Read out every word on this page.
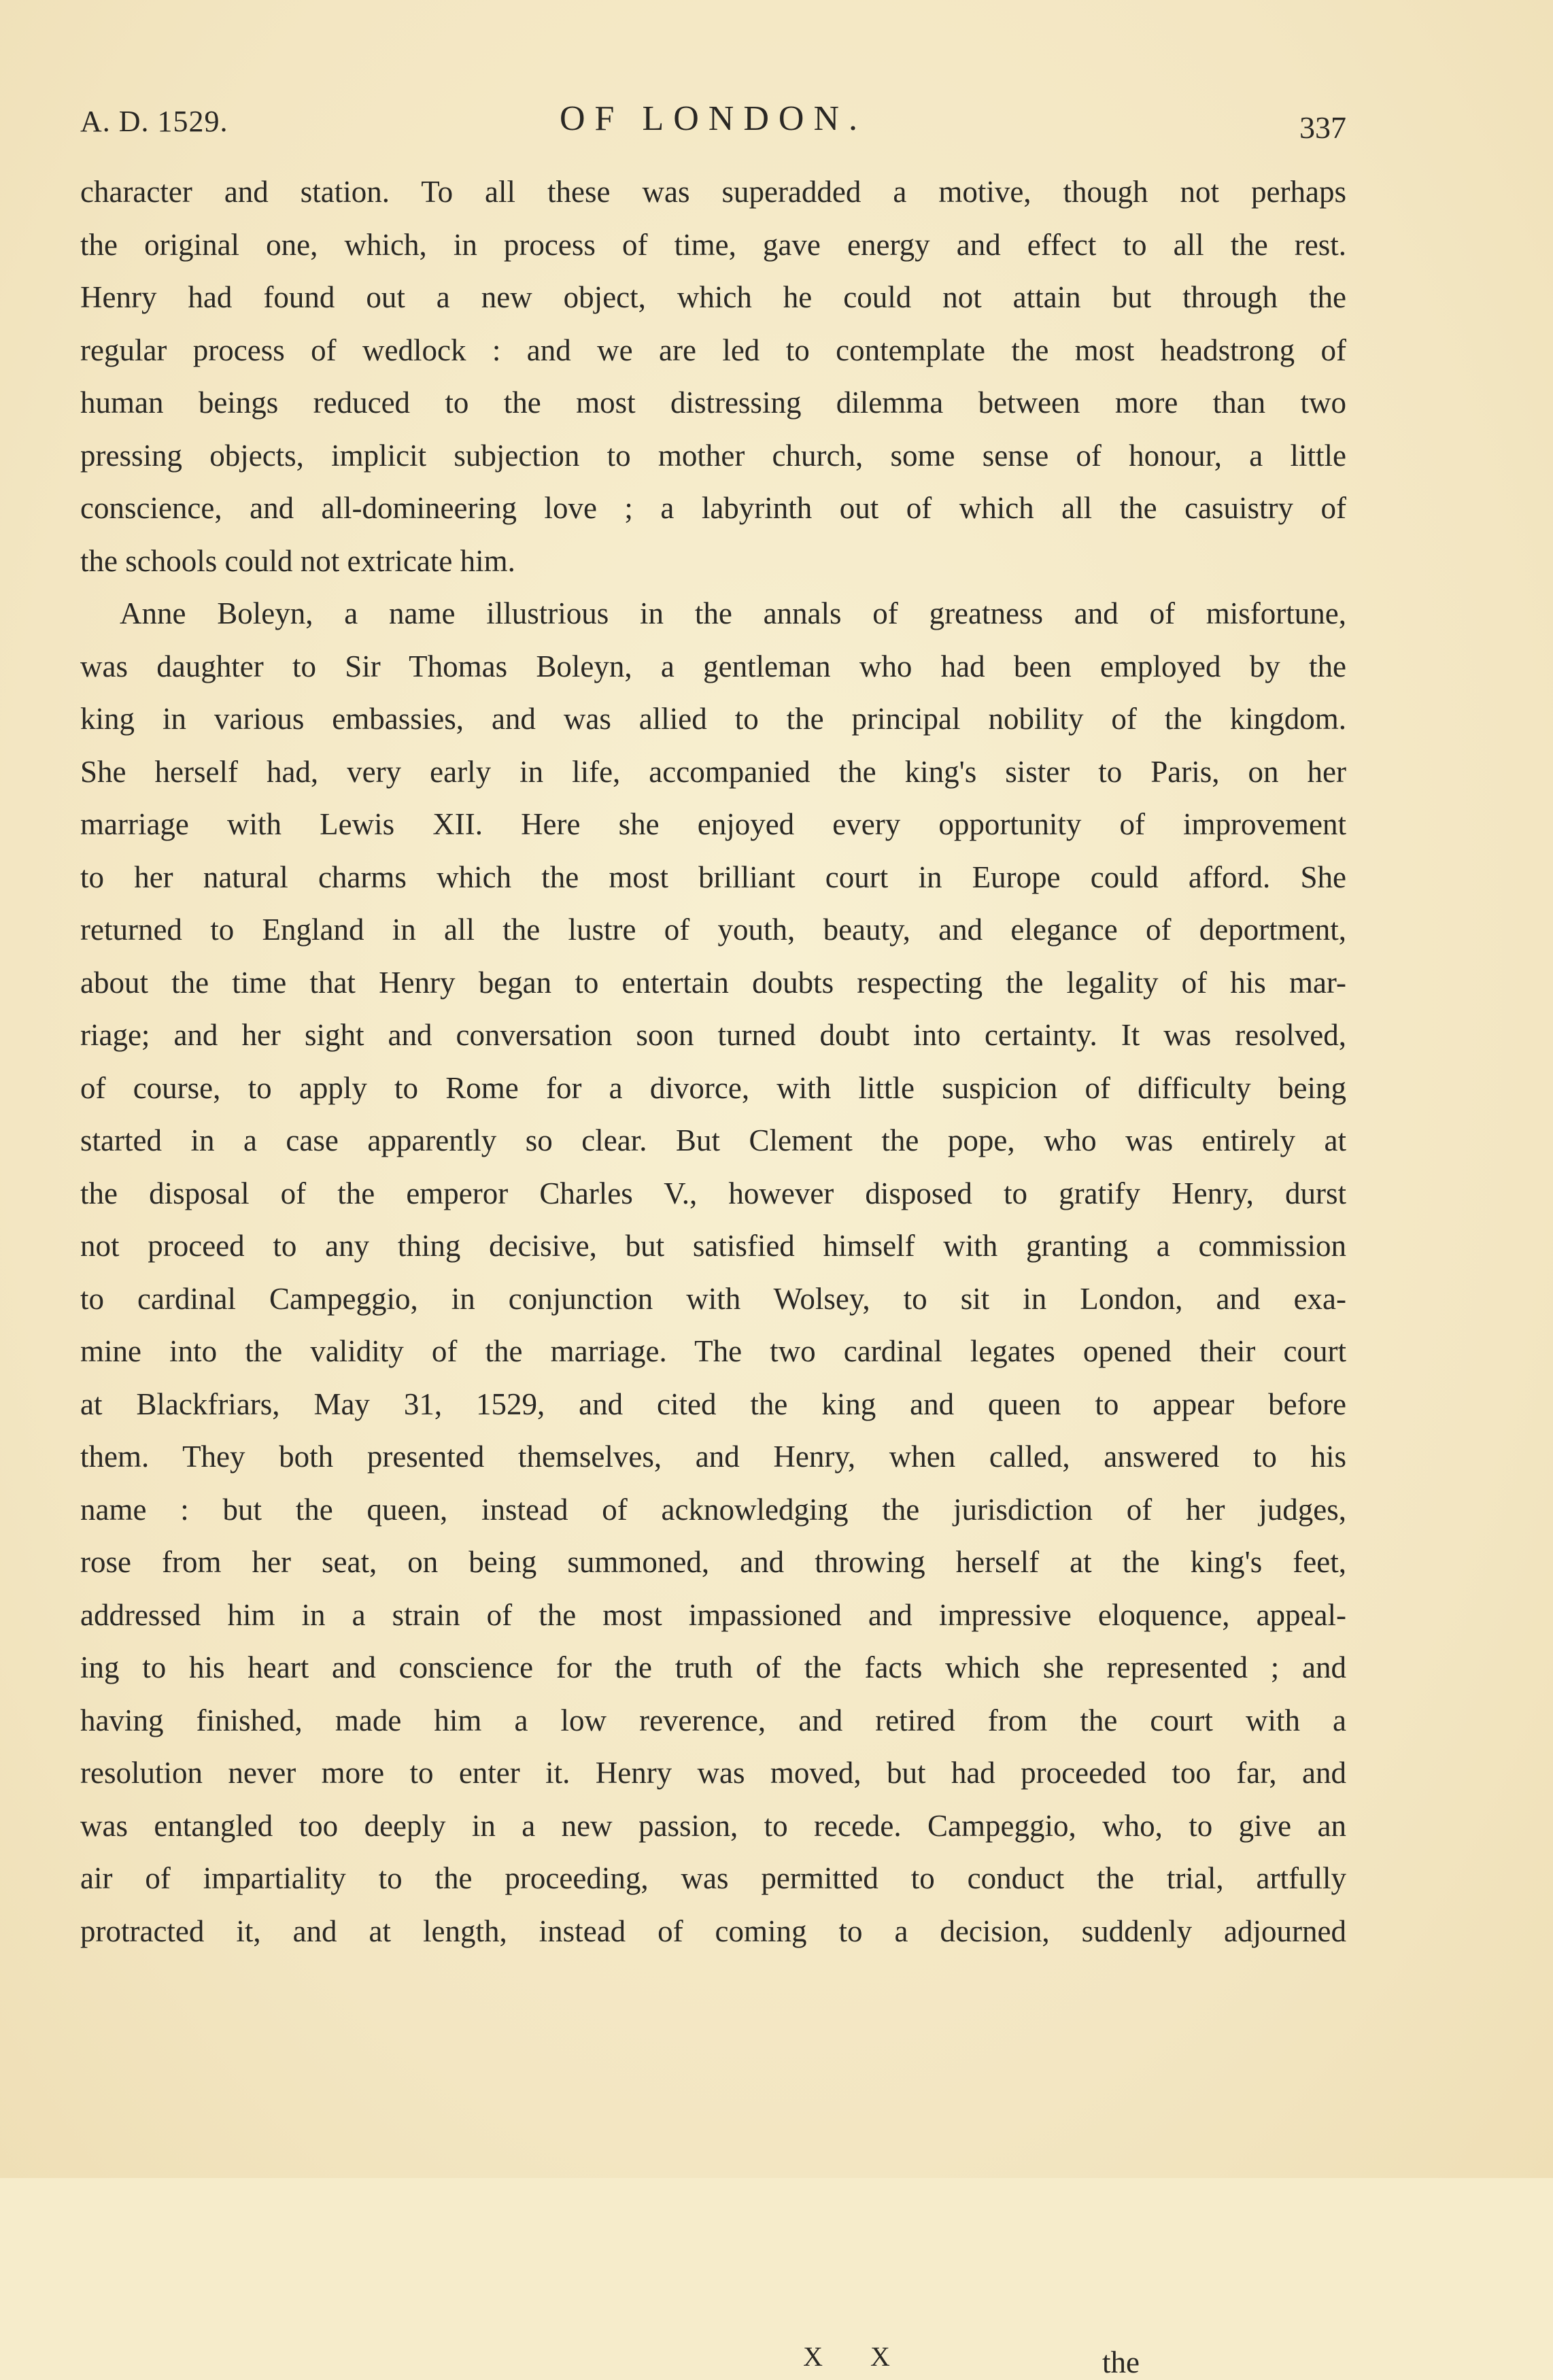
A. D. 1529.	OF LONDON.	337
character and station. To all these was superadded a motive, though not perhaps
the original one, which, in process of time, gave energy and effect to all the rest.
Henry had found out a new object, which he could not attain but through the
regular process of wedlock : and we are led to contemplate the most headstrong of
human beings reduced to the most distressing dilemma between more than two
pressing objects, implicit subjection to mother church, some sense of honour, a little
conscience, and all-domineering love ; a labyrinth out of which all the casuistry of
the schools could not extricate him.
Anne Boleyn, a name illustrious in the annals of greatness and of misfortune,
was daughter to Sir Thomas Boleyn, a gentleman who had been employed by the
king in various embassies, and was allied to the principal nobility of the kingdom.
She herself had, very early in life, accompanied the king's sister to Paris, on her
marriage with Lewis XII. Here she enjoyed every opportunity of improvement
to her natural charms which the most brilliant court in Europe could afford. She
returned to England in all the lustre of youth, beauty, and elegance of deportment,
about the time that Henry began to entertain doubts respecting the legality of his mar-
riage; and her sight and conversation soon turned doubt into certainty. It was resolved,
of course, to apply to Rome for a divorce, with little suspicion of difficulty being
started in a case apparently so clear. But Clement the pope, who was entirely at
the disposal of the emperor Charles V., however disposed to gratify Henry, durst
not proceed to any thing decisive, but satisfied himself with granting a commission
to cardinal Campeggio, in conjunction with Wolsey, to sit in London, and exa-
mine into the validity of the marriage. The two cardinal legates opened their court
at Blackfriars, May 31, 1529, and cited the king and queen to appear before
them. They both presented themselves, and Henry, when called, answered to his
name : but the queen, instead of acknowledging the jurisdiction of her judges,
rose from her seat, on being summoned, and throwing herself at the king's feet,
addressed him in a strain of the most impassioned and impressive eloquence, appeal-
ing to his heart and conscience for the truth of the facts which she represented ; and
having finished, made him a low reverence, and retired from the court with a
resolution never more to enter it. Henry was moved, but had proceeded too far, and
was entangled too deeply in a new passion, to recede. Campeggio, who, to give an
air of impartiality to the proceeding, was permitted to conduct the trial, artfully
protracted it, and at length, instead of coming to a decision, suddenly adjourned
X X	the
